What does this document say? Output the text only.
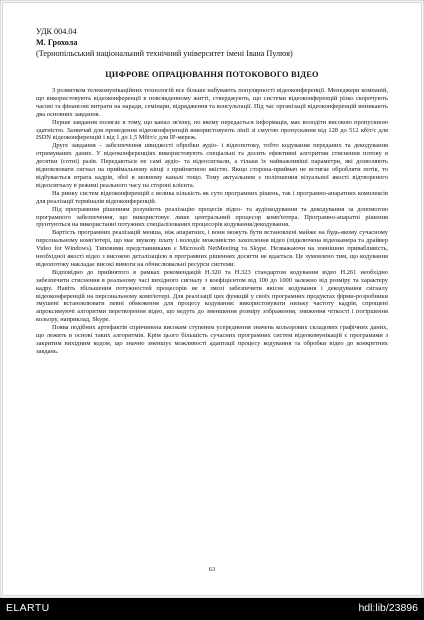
УДК 004.04
М. Грохола
(Тернопільський національний технічний університет імені Івана Пулюя)
ЦИФРОВЕ ОПРАЦЮВАННЯ ПОТОКОВОГО ВІДЕО

З розвитком телекомунікаційних технологій все більше набувають популярності відеоконференції. Менеджери компаній, що використовують відеоконференції в повсякденному житті, стверджують, що системи відеоконференцій різко скорочують часові та фінансові витрати на наради, семінари, відрядження та консультації. Під час організації відеоконференцій виникають два основних завдання.

Перше завдання полягає в тому, що канал зв'язку, по якому передається інформація, має володіти високою пропускною здатністю. Зазвичай для проведення відеоконференцій використовують лінії зі смугою пропускання від 128 до 512 кбіт/с для ISDN відеоконференцій і від 1 до 1,5 Мбіт/с для IP-мереж.

Друге завдання – забезпечення швидкості обробки аудіо- і відеопотоку, тобто кодування переданих та декодування отримуваних даних. У відеоконференціях використовують спеціальні та досить ефективні алгоритми стиснення потоку в десятки (сотні) разів. Передаються не самі аудіо- та відеосигнали, а тільки їх найважливіші параметри, які дозволяють відновлювати сигнал на приймальному кінці з прийнятною якістю. Якщо сторона-приймач не встигає обробляти потік, то відбувається втрата кадрів, збої в мовному каналі тощо. Тому актуальним є поліпшення візуальної якості відтвореного відеосигналу в режимі реального часу на стороні клієнта.

На ринку систем відеоконференцій є велика кількість як суто програмних рішень, так і програмно-апаратних комплексів для реалізації терміналів відеоконференцій.

Під програмним рішенням розуміють реалізацію процесів відео- та аудіокодування та декодування за допомогою програмного забезпечення, що використовує лише центральний процесор комп'ютера. Програмно-апаратні рішення ґрунтуються на використанні потужних спеціалізованих процесорів кодування/декодування.

Вартість програмних реалізацій менша, ніж апаратних, і вони можуть бути встановлені майже на будь-якому сучасному персональному комп'ютері, що має звукову плату і володіє можливістю захоплення відео (підключена відеокамера та драйвер Video for Windows). Типовими представниками є Microsoft NetMeeting та Skype. Незважаючи на зовнішню привабливість, необхідної якості відео з високою деталізацією в програмних рішеннях досягти не вдається. Це зумовлено тим, що кодування відеопотоку накладає високі вимоги на обчислювальні ресурси системи.

Відповідно до прийнятого в рамках рекомендацій H.320 та H.323 стандартом кодування відео H.261 необхідно забезпечити стиснення в реальному часі вихідного сигналу з коефіцієнтом від 100 до 1000 залежно від розміру та характеру кадру. Навіть збільшення потужностей процесорів не в змозі забезпечити якісне кодування і декодування сигналу відеоконференцій на персональному комп'ютері. Для реалізації цих функцій у своїх програмних продуктах фірми-розробники змушені встановлювати певні обмеження для процесу кодування: використовувати низьку частоту кадрів, спрощені апроксимуючі алгоритми перетворення відео, що ведуть до зменшення розміру зображення, зниження чіткості і погіршення кольору, наприклад, Skype.

Поява подібних артефактів спричинена високим ступенем усереднення значень кольорових складових графічних даних, що лежить в основі таких алгоритмів. Крім цього більшість сучасних програмних систем відеокомунікацій є програмами з закритим вихідним кодом, що значно зменшує можливості адаптації процесу кодування та обробки відео до конкретних завдань.

63
ELARTU	hdl:lib/23896
